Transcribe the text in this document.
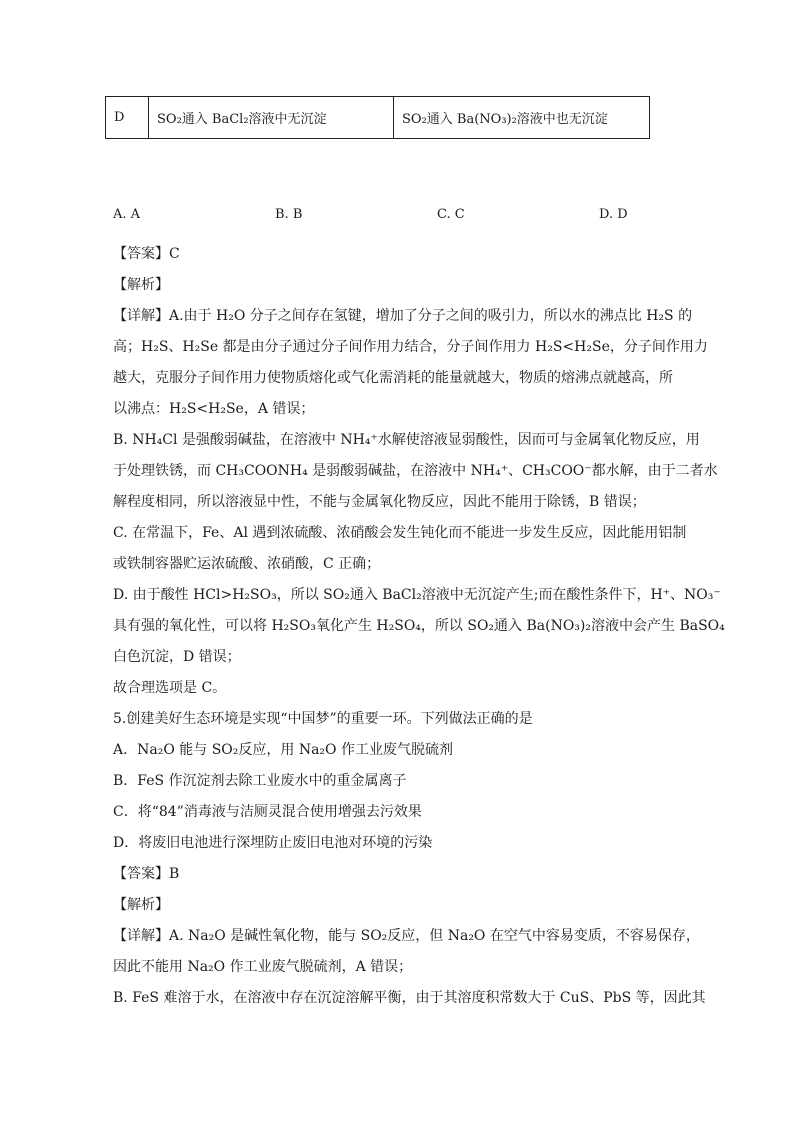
D	SO₂通入 BaCl₂溶液中无沉淀	SO₂通入 Ba(NO₃)₂溶液中也无沉淀
A. A	B. B	C. C	D. D
【答案】C
【解析】
【详解】A.由于 H₂O 分子之间存在氢键，增加了分子之间的吸引力，所以水的沸点比 H₂S 的
高；H₂S、H₂Se 都是由分子通过分子间作用力结合，分子间作用力 H₂S<H₂Se，分子间作用力
越大，克服分子间作用力使物质熔化或气化需消耗的能量就越大，物质的熔沸点就越高，所
以沸点：H₂S<H₂Se，A 错误；
B. NH₄Cl 是强酸弱碱盐，在溶液中 NH₄⁺水解使溶液显弱酸性，因而可与金属氧化物反应，用
于处理铁锈，而 CH₃COONH₄ 是弱酸弱碱盐，在溶液中 NH₄⁺、CH₃COO⁻都水解，由于二者水
解程度相同，所以溶液显中性，不能与金属氧化物反应，因此不能用于除锈，B 错误；
C. 在常温下，Fe、Al 遇到浓硫酸、浓硝酸会发生钝化而不能进一步发生反应，因此能用铝制
或铁制容器贮运浓硫酸、浓硝酸，C 正确；
D. 由于酸性 HCl>H₂SO₃，所以 SO₂通入 BaCl₂溶液中无沉淀产生;而在酸性条件下，H⁺、NO₃⁻
具有强的氧化性，可以将 H₂SO₃氧化产生 H₂SO₄，所以 SO₂通入 Ba(NO₃)₂溶液中会产生 BaSO₄
白色沉淀，D 错误；
故合理选项是 C。
5.创建美好生态环境是实现“中国梦”的重要一环。下列做法正确的是
A．Na₂O 能与 SO₂反应，用 Na₂O 作工业废气脱硫剂
B．FeS 作沉淀剂去除工业废水中的重金属离子
C．将“84”消毒液与洁厕灵混合使用增强去污效果
D．将废旧电池进行深埋防止废旧电池对环境的污染
【答案】B
【解析】
【详解】A. Na₂O 是碱性氧化物，能与 SO₂反应，但 Na₂O 在空气中容易变质，不容易保存，
因此不能用 Na₂O 作工业废气脱硫剂，A 错误；
B. FeS 难溶于水，在溶液中存在沉淀溶解平衡，由于其溶度积常数大于 CuS、PbS 等，因此其
